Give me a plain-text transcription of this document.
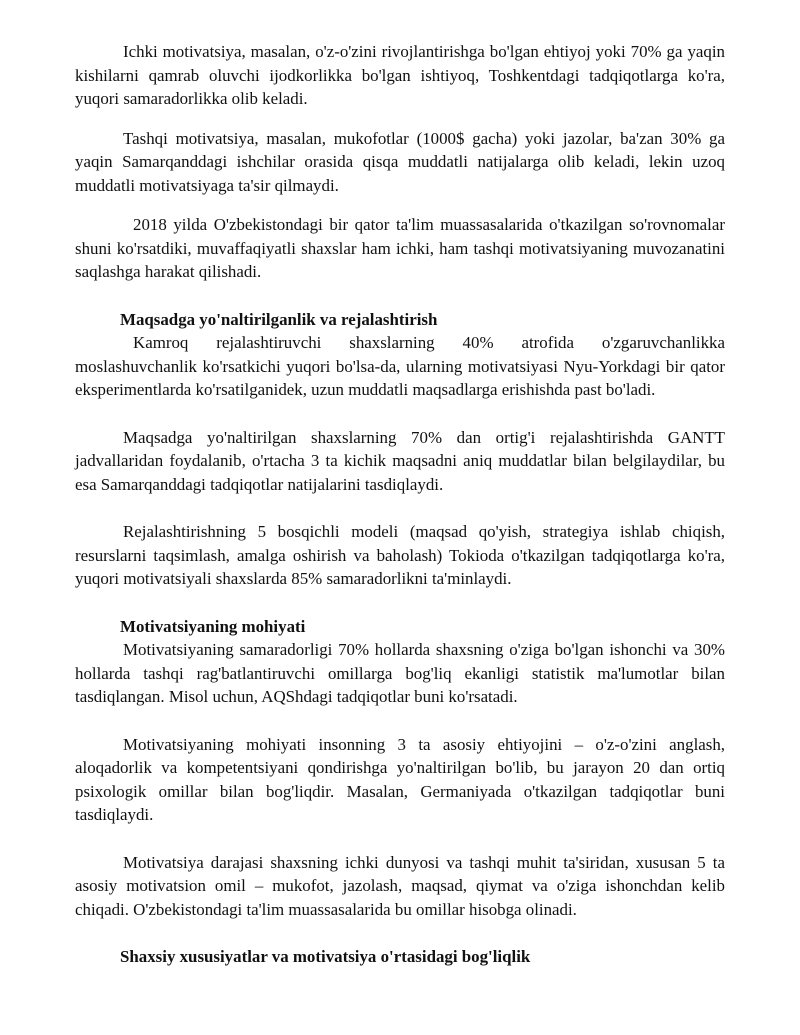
Ichki motivatsiya, masalan, o'z-o'zini rivojlantirishga bo'lgan ehtiyoj yoki 70% ga yaqin kishilarni qamrab oluvchi ijodkorlikka bo'lgan ishtiyoq, Toshkentdagi tadqiqotlarga ko'ra, yuqori samaradorlikka olib keladi.

Tashqi motivatsiya, masalan, mukofotlar (1000$ gacha) yoki jazolar, ba'zan 30% ga yaqin Samarqanddagi ishchilar orasida qisqa muddatli natijalarga olib keladi, lekin uzoq muddatli motivatsiyaga ta'sir qilmaydi.

2018 yilda O'zbekistondagi bir qator ta'lim muassasalarida o'tkazilgan so'rovnomalar shuni ko'rsatdiki, muvaffaqiyatli shaxslar ham ichki, ham tashqi motivatsiyaning muvozanatini saqlashga harakat qilishadi.

Maqsadga yo'naltirilganlik va rejalashtirish

Kamroq rejalashtiruvchi shaxslarning 40% atrofida o'zgaruvchanlikka moslashuvchanlik ko'rsatkichi yuqori bo'lsa-da, ularning motivatsiyasi Nyu-Yorkdagi bir qator eksperimentlarda ko'rsatilganidek, uzun muddatli maqsadlarga erishishda past bo'ladi.

Maqsadga yo'naltirilgan shaxslarning 70% dan ortig'i rejalashtirishda GANTT jadvallaridan foydalanib, o'rtacha 3 ta kichik maqsadni aniq muddatlar bilan belgilaydilar, bu esa Samarqanddagi tadqiqotlar natijalarini tasdiqlaydi.

Rejalashtirishning 5 bosqichli modeli (maqsad qo'yish, strategiya ishlab chiqish, resurslarni taqsimlash, amalga oshirish va baholash) Tokioda o'tkazilgan tadqiqotlarga ko'ra, yuqori motivatsiyali shaxslarda 85% samaradorlikni ta'minlaydi.

Motivatsiyaning mohiyati

Motivatsiyaning samaradorligi 70% hollarda shaxsning o'ziga bo'lgan ishonchi va 30% hollarda tashqi rag'batlantiruvchi omillarga bog'liq ekanligi statistik ma'lumotlar bilan tasdiqlangan. Misol uchun, AQShdagi tadqiqotlar buni ko'rsatadi.

Motivatsiyaning mohiyati insonning 3 ta asosiy ehtiyojini – o'z-o'zini anglash, aloqadorlik va kompetentsiyani qondirishga yo'naltirilgan bo'lib, bu jarayon 20 dan ortiq psixologik omillar bilan bog'liqdir. Masalan, Germaniyada o'tkazilgan tadqiqotlar buni tasdiqlaydi.

Motivatsiya darajasi shaxsning ichki dunyosi va tashqi muhit ta'siridan, xususan 5 ta asosiy motivatsion omil – mukofot, jazolash, maqsad, qiymat va o'ziga ishonchdan kelib chiqadi. O'zbekistondagi ta'lim muassasalarida bu omillar hisobga olinadi.

Shaxsiy xususiyatlar va motivatsiya o'rtasidagi bog'liqlik
